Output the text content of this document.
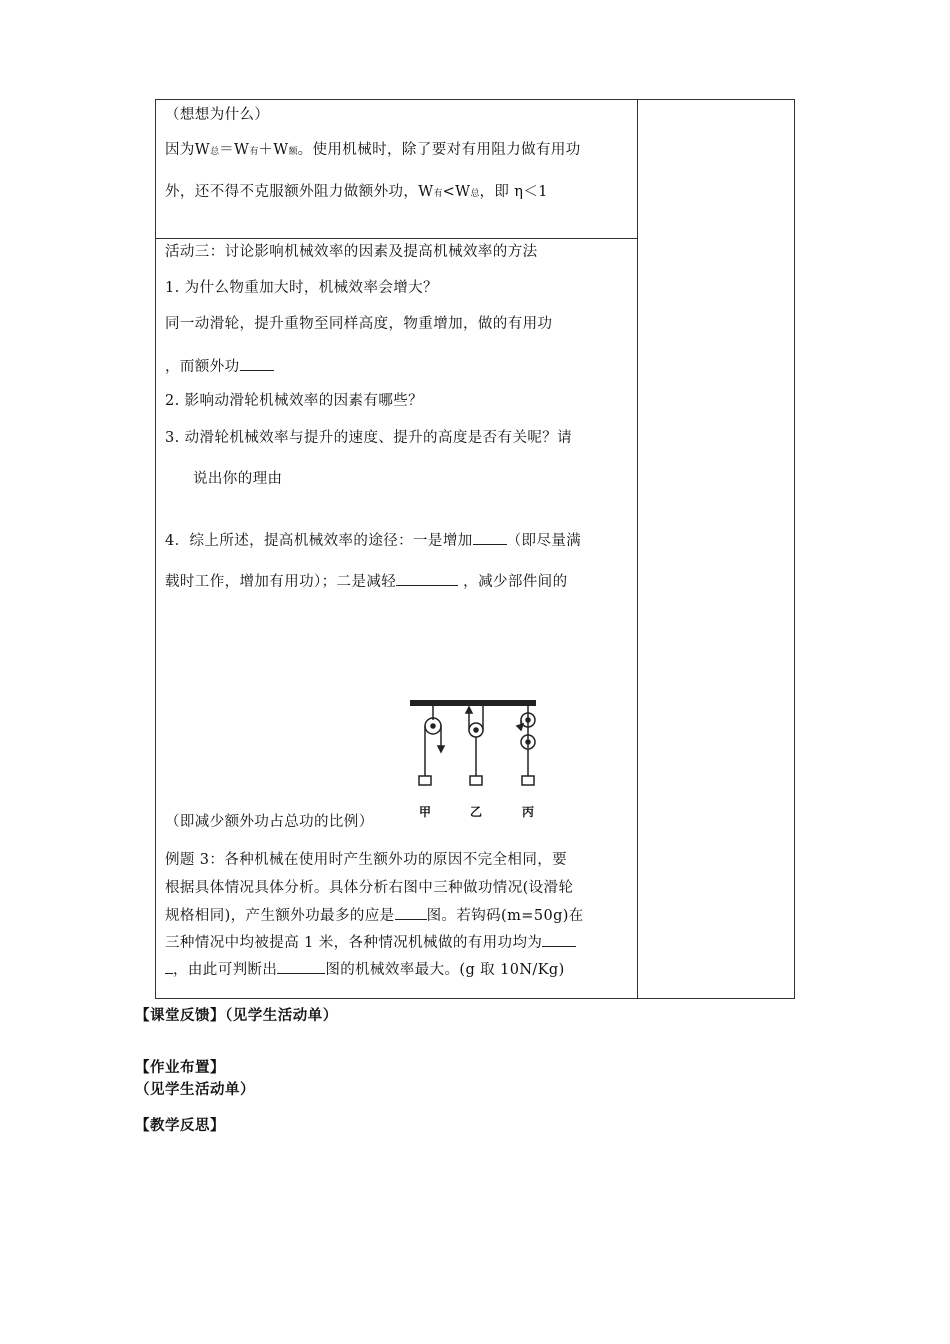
（想想为什么）
因为W总＝W有＋W额。使用机械时，除了要对有用阻力做有用功
外，还不得不克服额外阻力做额外功，W有<W总，即 η＜1
活动三：讨论影响机械效率的因素及提高机械效率的方法
1. 为什么物重加大时，机械效率会增大？
同一动滑轮，提升重物至同样高度，物重增加，做的有用功
，而额外功
2. 影响动滑轮机械效率的因素有哪些？
3. 动滑轮机械效率与提升的速度、提升的高度是否有关呢？请
说出你的理由
4．综上所述，提高机械效率的途径：一是增加 （即尽量满
载时工作，增加有用功）；二是减轻	，减少部件间的
甲	乙	丙
（即减少额外功占总功的比例）
例题 3：各种机械在使用时产生额外功的原因不完全相同，要
根据具体情况具体分析。具体分析右图中三种做功情况(设滑轮
规格相同)，产生额外功最多的应是 图。若钩码(m=50g)在
三种情况中均被提高 1 米，各种情况机械做的有用功均为
，由此可判断出	图的机械效率最大。(g 取 10N/Kg)
【课堂反馈】（见学生活动单）
【作业布置】
（见学生活动单）
【教学反思】
